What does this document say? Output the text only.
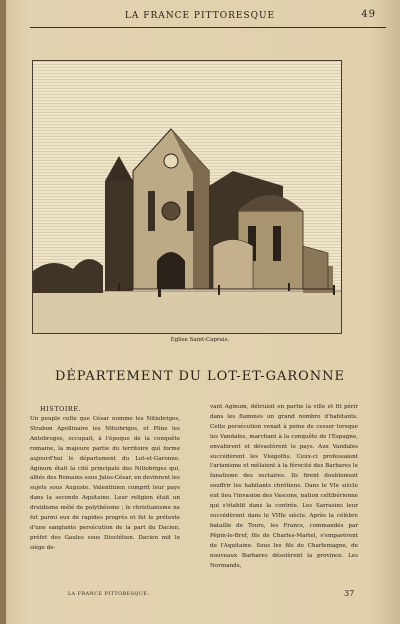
LA FRANCE PITTORESQUE	49
Eglise Saint-Caprais.
DÉPARTEMENT DU LOT-ET-GARONNE
HISTOIRE.

Un peuple celte que César nomme les Nitiobriges, Strabon Apollinaire les Nitiobriges, et Pline les Antobroges, occupait, à l'époque de la conquête romaine, la majeure partie du territoire qui forme aujourd'hui le département du Lot-et-Garonne. Aginum était la cité principale des Nitiobriges qui, alliés des Romains sous Jules-César, en devinrent les sujets sous Auguste. Valentinien comprit leur pays dans la seconde Aquitaine. Leur religion était un druidisme mêlé de polythéisme ; le christianisme ne fut parmi eux de rapides progrès et fut le prétexte d'une sanglante persécution de la part du Dacien, préfet des Gaules sous Dioclétien. Dacien mit le siège de-

vant Aginum, détruisit en partie la ville et fit périr dans les flammes un grand nombre d'habitants. Cette persécution venait à peine de cesser lorsque les Vandales, marchant à la conquête de l'Espagne, envahirent et dévastèrent le pays. Aux Vandales succédèrent les Visigoths. Ceux-ci professaient l'arianisme et mêlaient à la férocité des Barbares le fanatisme des sectaires. Ils firent doublement souffrir les habitants chrétiens. Dans le VIe siècle eut lieu l'invasion des Vascons, nation celtibérienne qui s'établit dans la contrée. Les Sarrasins leur succédèrent dans le VIIIe siècle. Après la célèbre bataille de Tours, les Francs, commandés par Pépin-le-Bref, fils de Charles-Martel, s'emparèrent de l'Aquitaine. Sous les fils de Charlemagne, de nouveaux Barbares désolèrent la province. Les Normands,

LA FRANCE PITTORESQUE.	37
